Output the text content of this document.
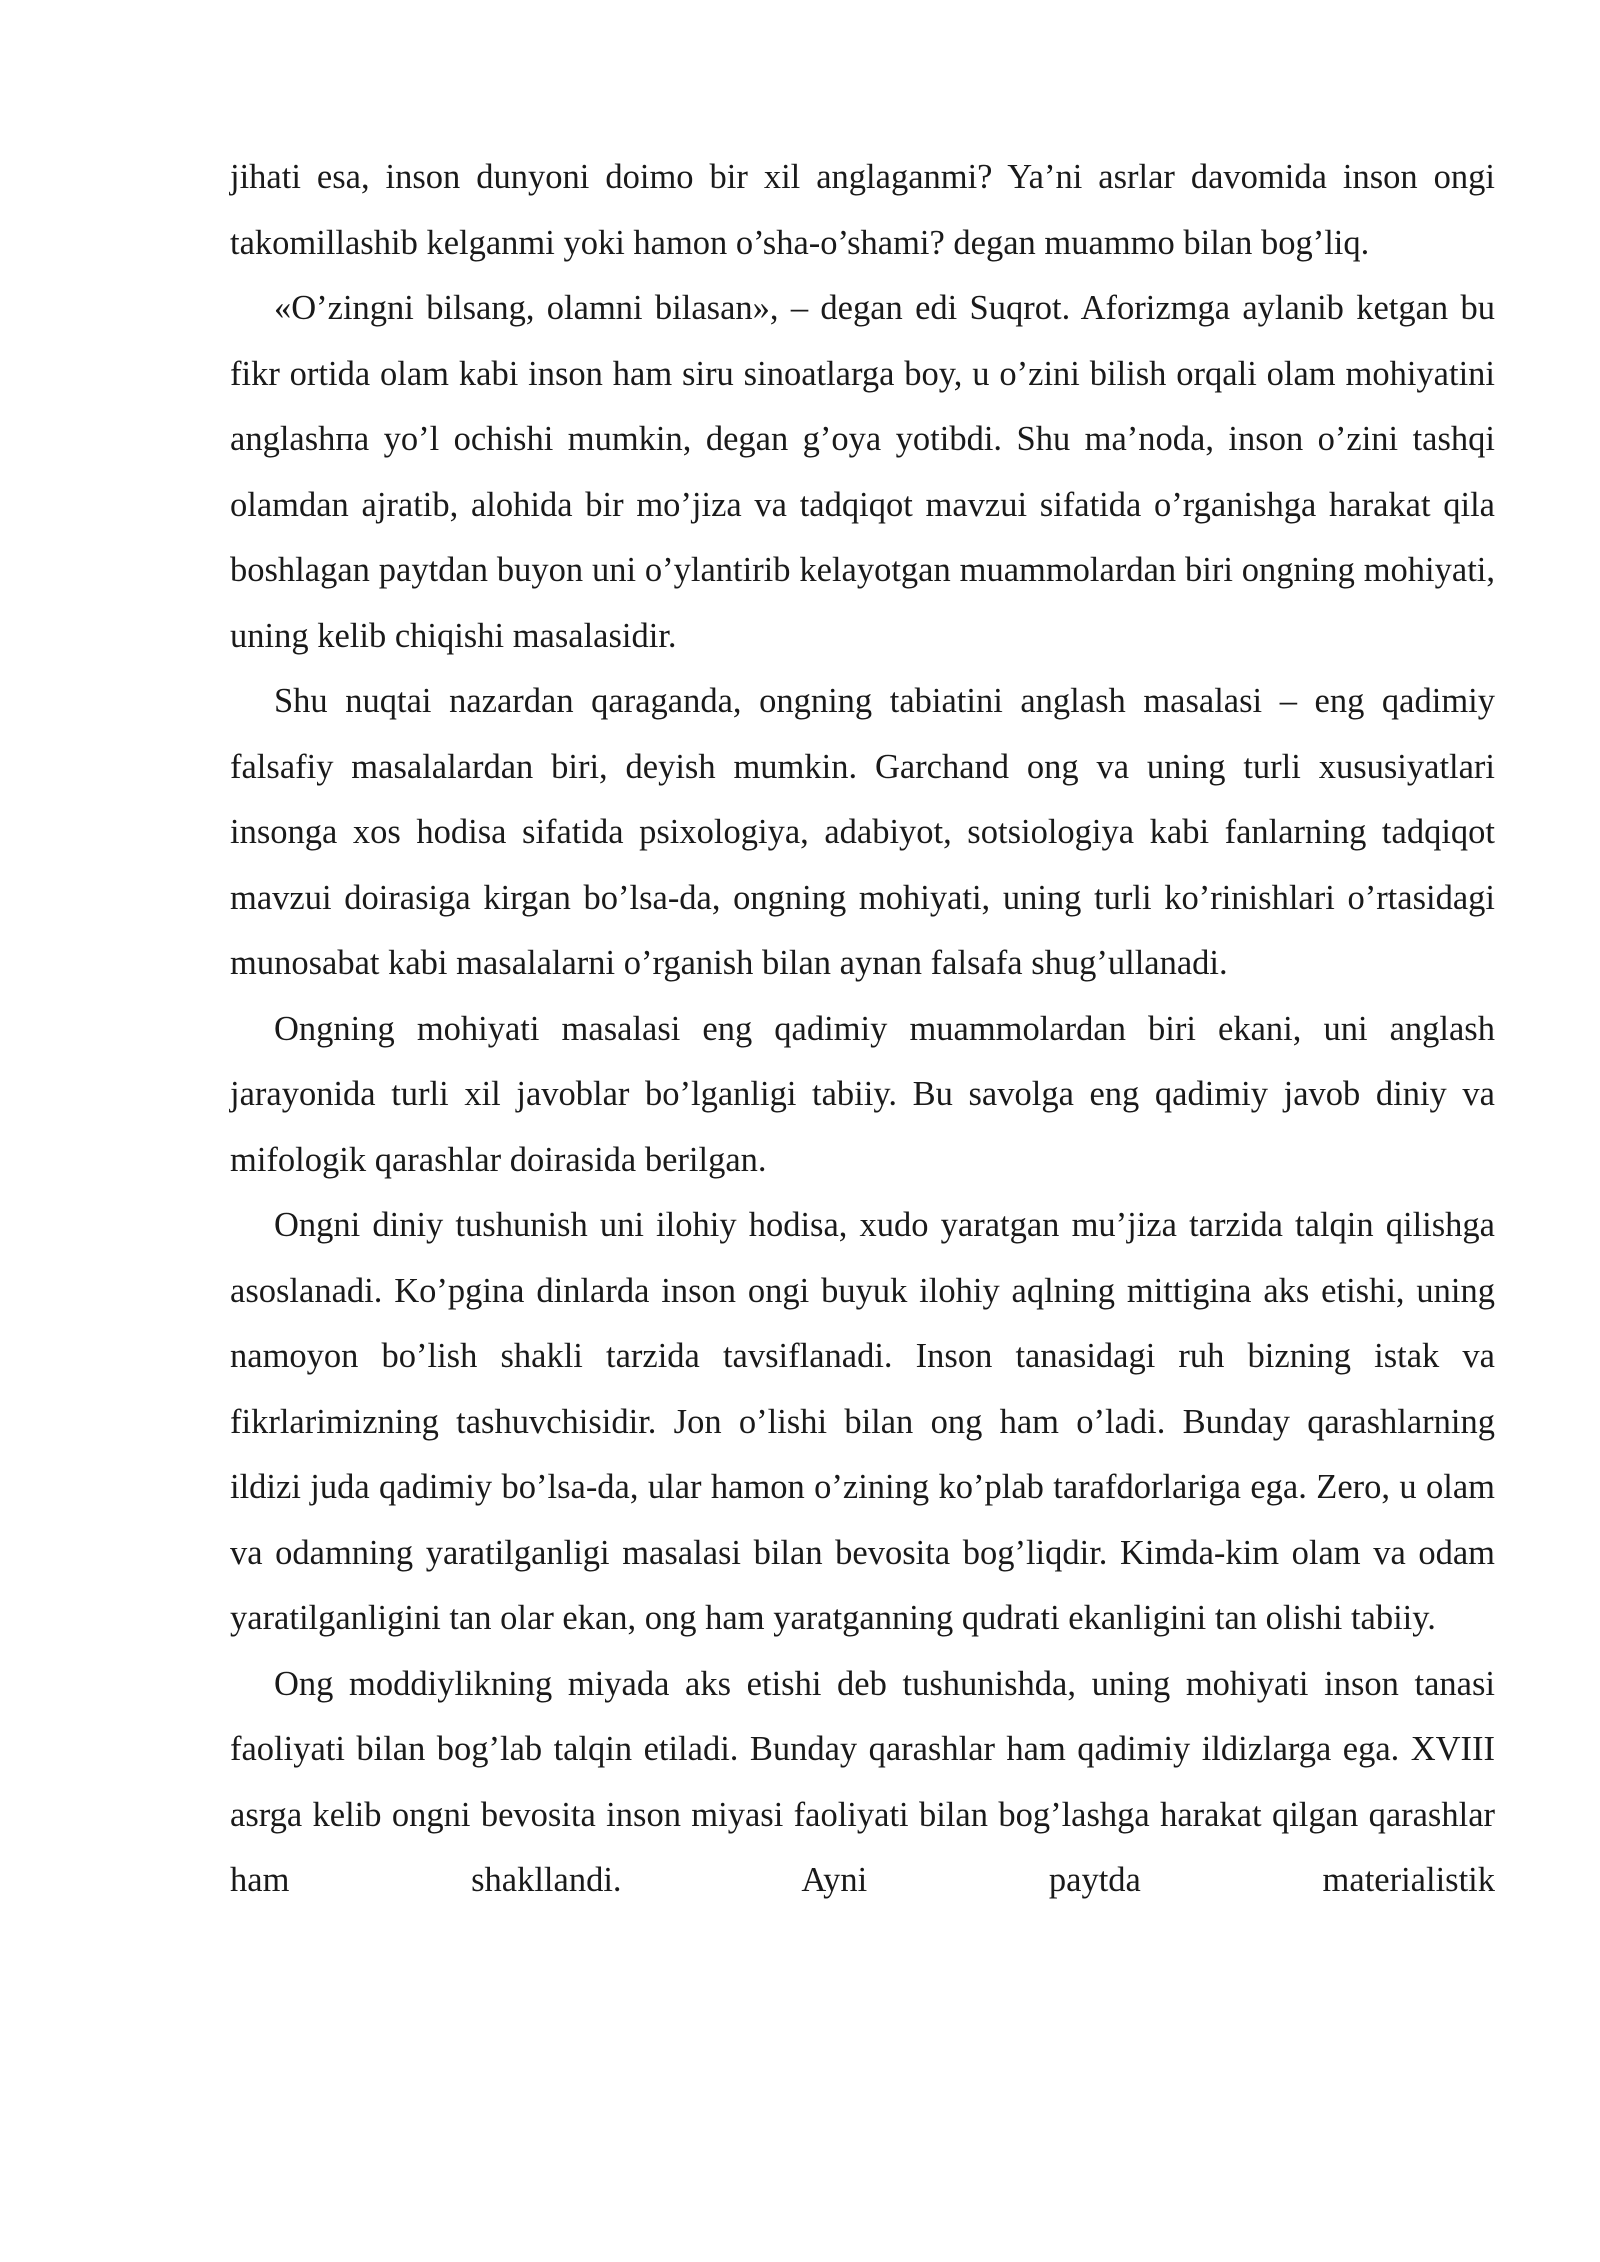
jihati esa, inson dunyoni doimo bir xil anglaganmi? Ya’ni asrlar davomida inson ongi takomillashib kelganmi yoki hamon o’sha-o’shami? degan muammo bilan bog’liq.

«O’zingni bilsang, olamni bilasan», – degan edi Suqrot. Aforizmga aylanib ketgan bu fikr ortida olam kabi inson ham siru sinoatlarga boy, u o’zini bilish orqali olam mohiyatini anglashпa yo’l ochishi mumkin, degan g’oya yotibdi. Shu ma’noda, inson o’zini tashqi olamdan ajratib, alohida bir mo’jiza va tadqiqot mavzui sifatida o’rganishga harakat qila boshlagan paytdan buyon uni o’ylantirib kelayotgan muammolardan biri ongning mohiyati, uning kelib chiqishi masalasidir.

Shu nuqtai nazardan qaraganda, ongning tabiatini anglash masalasi – eng qadimiy falsafiy masalalardan biri, deyish mumkin. Garchand ong va uning turli xususiyatlari insonga xos hodisa sifatida psixologiya, adabiyot, sotsiologiya kabi fanlarning tadqiqot mavzui doirasiga kirgan bo’lsa-da, ongning mohiyati, uning turli ko’rinishlari o’rtasidagi munosabat kabi masalalarni o’rganish bilan aynan falsafa shug’ullanadi.

Ongning mohiyati masalasi eng qadimiy muammolardan biri ekani, uni anglash jarayonida turli xil javoblar bo’lganligi tabiiy. Bu savolga eng qadimiy javob diniy va mifologik qarashlar doirasida berilgan.

Ongni diniy tushunish uni ilohiy hodisa, xudo yaratgan mu’jiza tarzida talqin qilishga asoslanadi. Ko’pgina dinlarda inson ongi buyuk ilohiy aqlning mittigina aks etishi, uning namoyon bo’lish shakli tarzida tavsiflanadi. Inson tanasidagi ruh bizning istak va fikrlarimizning tashuvchisidir. Jon o’lishi bilan ong ham o’ladi. Bunday qarashlarning ildizi juda qadimiy bo’lsa-da, ular hamon o’zining ko’plab tarafdorlariga ega. Zero, u olam va odamning yaratilganligi masalasi bilan bevosita bog’liqdir. Kimda-kim olam va odam yaratilganligini tan olar ekan, ong ham yaratganning qudrati ekanligini tan olishi tabiiy.

Ong moddiylikning miyada aks etishi deb tushunishda, uning mohiyati inson tanasi faoliyati bilan bog’lab talqin etiladi. Bunday qarashlar ham qadimiy ildizlarga ega. XVIII asrga kelib ongni bevosita inson miyasi faoliyati bilan bog’lashga harakat qilgan qarashlar ham shakllandi. Ayni paytda materialistik
